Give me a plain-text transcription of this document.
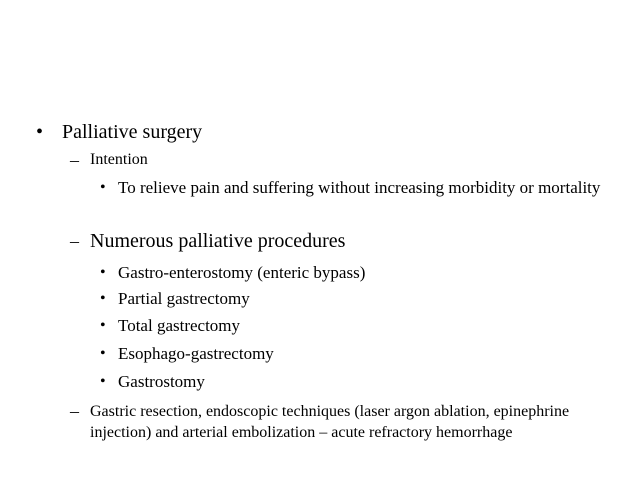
• Palliative surgery
– Intention
• To relieve pain and suffering without increasing morbidity or mortality
– Numerous palliative procedures
• Gastro-enterostomy (enteric bypass)
• Partial gastrectomy
• Total gastrectomy
• Esophago-gastrectomy
• Gastrostomy
– Gastric resection, endoscopic techniques (laser argon ablation, epinephrine injection) and arterial embolization – acute refractory hemorrhage
